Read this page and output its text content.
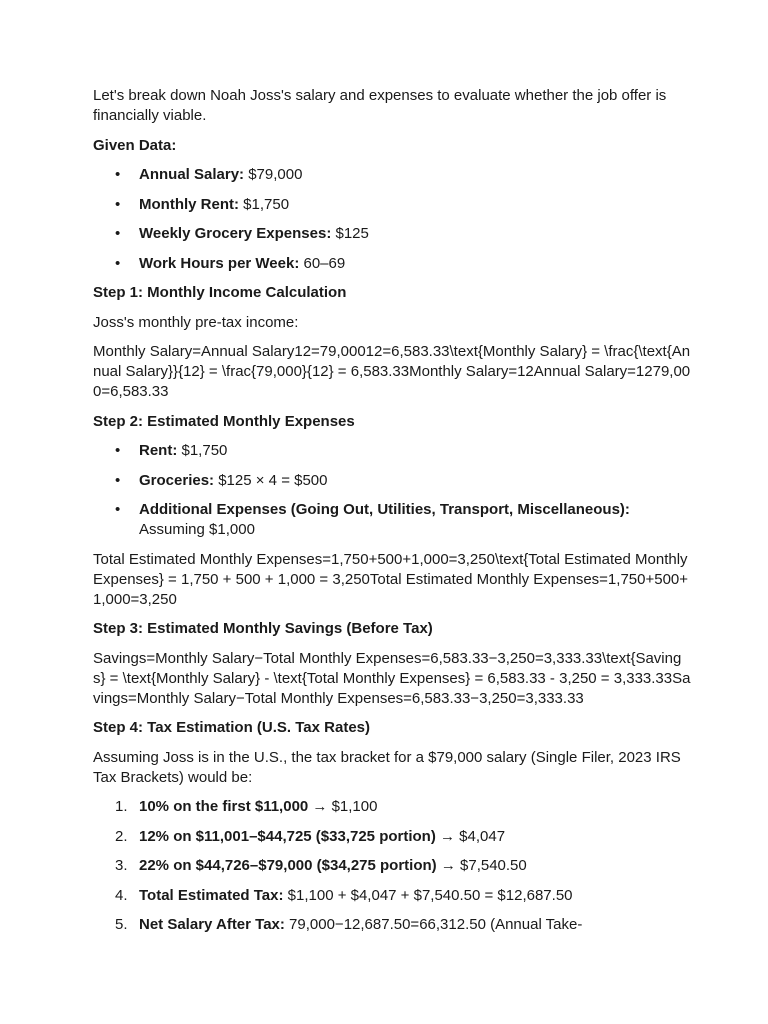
Let's break down Noah Joss's salary and expenses to evaluate whether the job offer is financially viable.

Given Data:

• Annual Salary: $79,000
• Monthly Rent: $1,750
• Weekly Grocery Expenses: $125
• Work Hours per Week: 60–69

Step 1: Monthly Income Calculation

Joss's monthly pre-tax income:

Monthly Salary=Annual Salary12=79,00012=6,583.33\text{Monthly Salary} = \frac{\text{Annual Salary}}{12} = \frac{79,000}{12} = 6,583.33Monthly Salary=12Annual Salary=1279,000=6,583.33

Step 2: Estimated Monthly Expenses

• Rent: $1,750
• Groceries: $125 × 4 = $500
• Additional Expenses (Going Out, Utilities, Transport, Miscellaneous): Assuming $1,000

Total Estimated Monthly Expenses=1,750+500+1,000=3,250\text{Total Estimated Monthly Expenses} = 1,750 + 500 + 1,000 = 3,250Total Estimated Monthly Expenses=1,750+500+1,000=3,250

Step 3: Estimated Monthly Savings (Before Tax)

Savings=Monthly Salary−Total Monthly Expenses=6,583.33−3,250=3,333.33\text{Savings} = \text{Monthly Salary} - \text{Total Monthly Expenses} = 6,583.33 - 3,250 = 3,333.33Savings=Monthly Salary−Total Monthly Expenses=6,583.33−3,250=3,333.33

Step 4: Tax Estimation (U.S. Tax Rates)

Assuming Joss is in the U.S., the tax bracket for a $79,000 salary (Single Filer, 2023 IRS Tax Brackets) would be:

1. 10% on the first $11,000 → $1,100
2. 12% on $11,001–$44,725 ($33,725 portion) → $4,047
3. 22% on $44,726–$79,000 ($34,275 portion) → $7,540.50
4. Total Estimated Tax: $1,100 + $4,047 + $7,540.50 = $12,687.50
5. Net Salary After Tax: 79,000−12,687.50=66,312.50 (Annual Take-
